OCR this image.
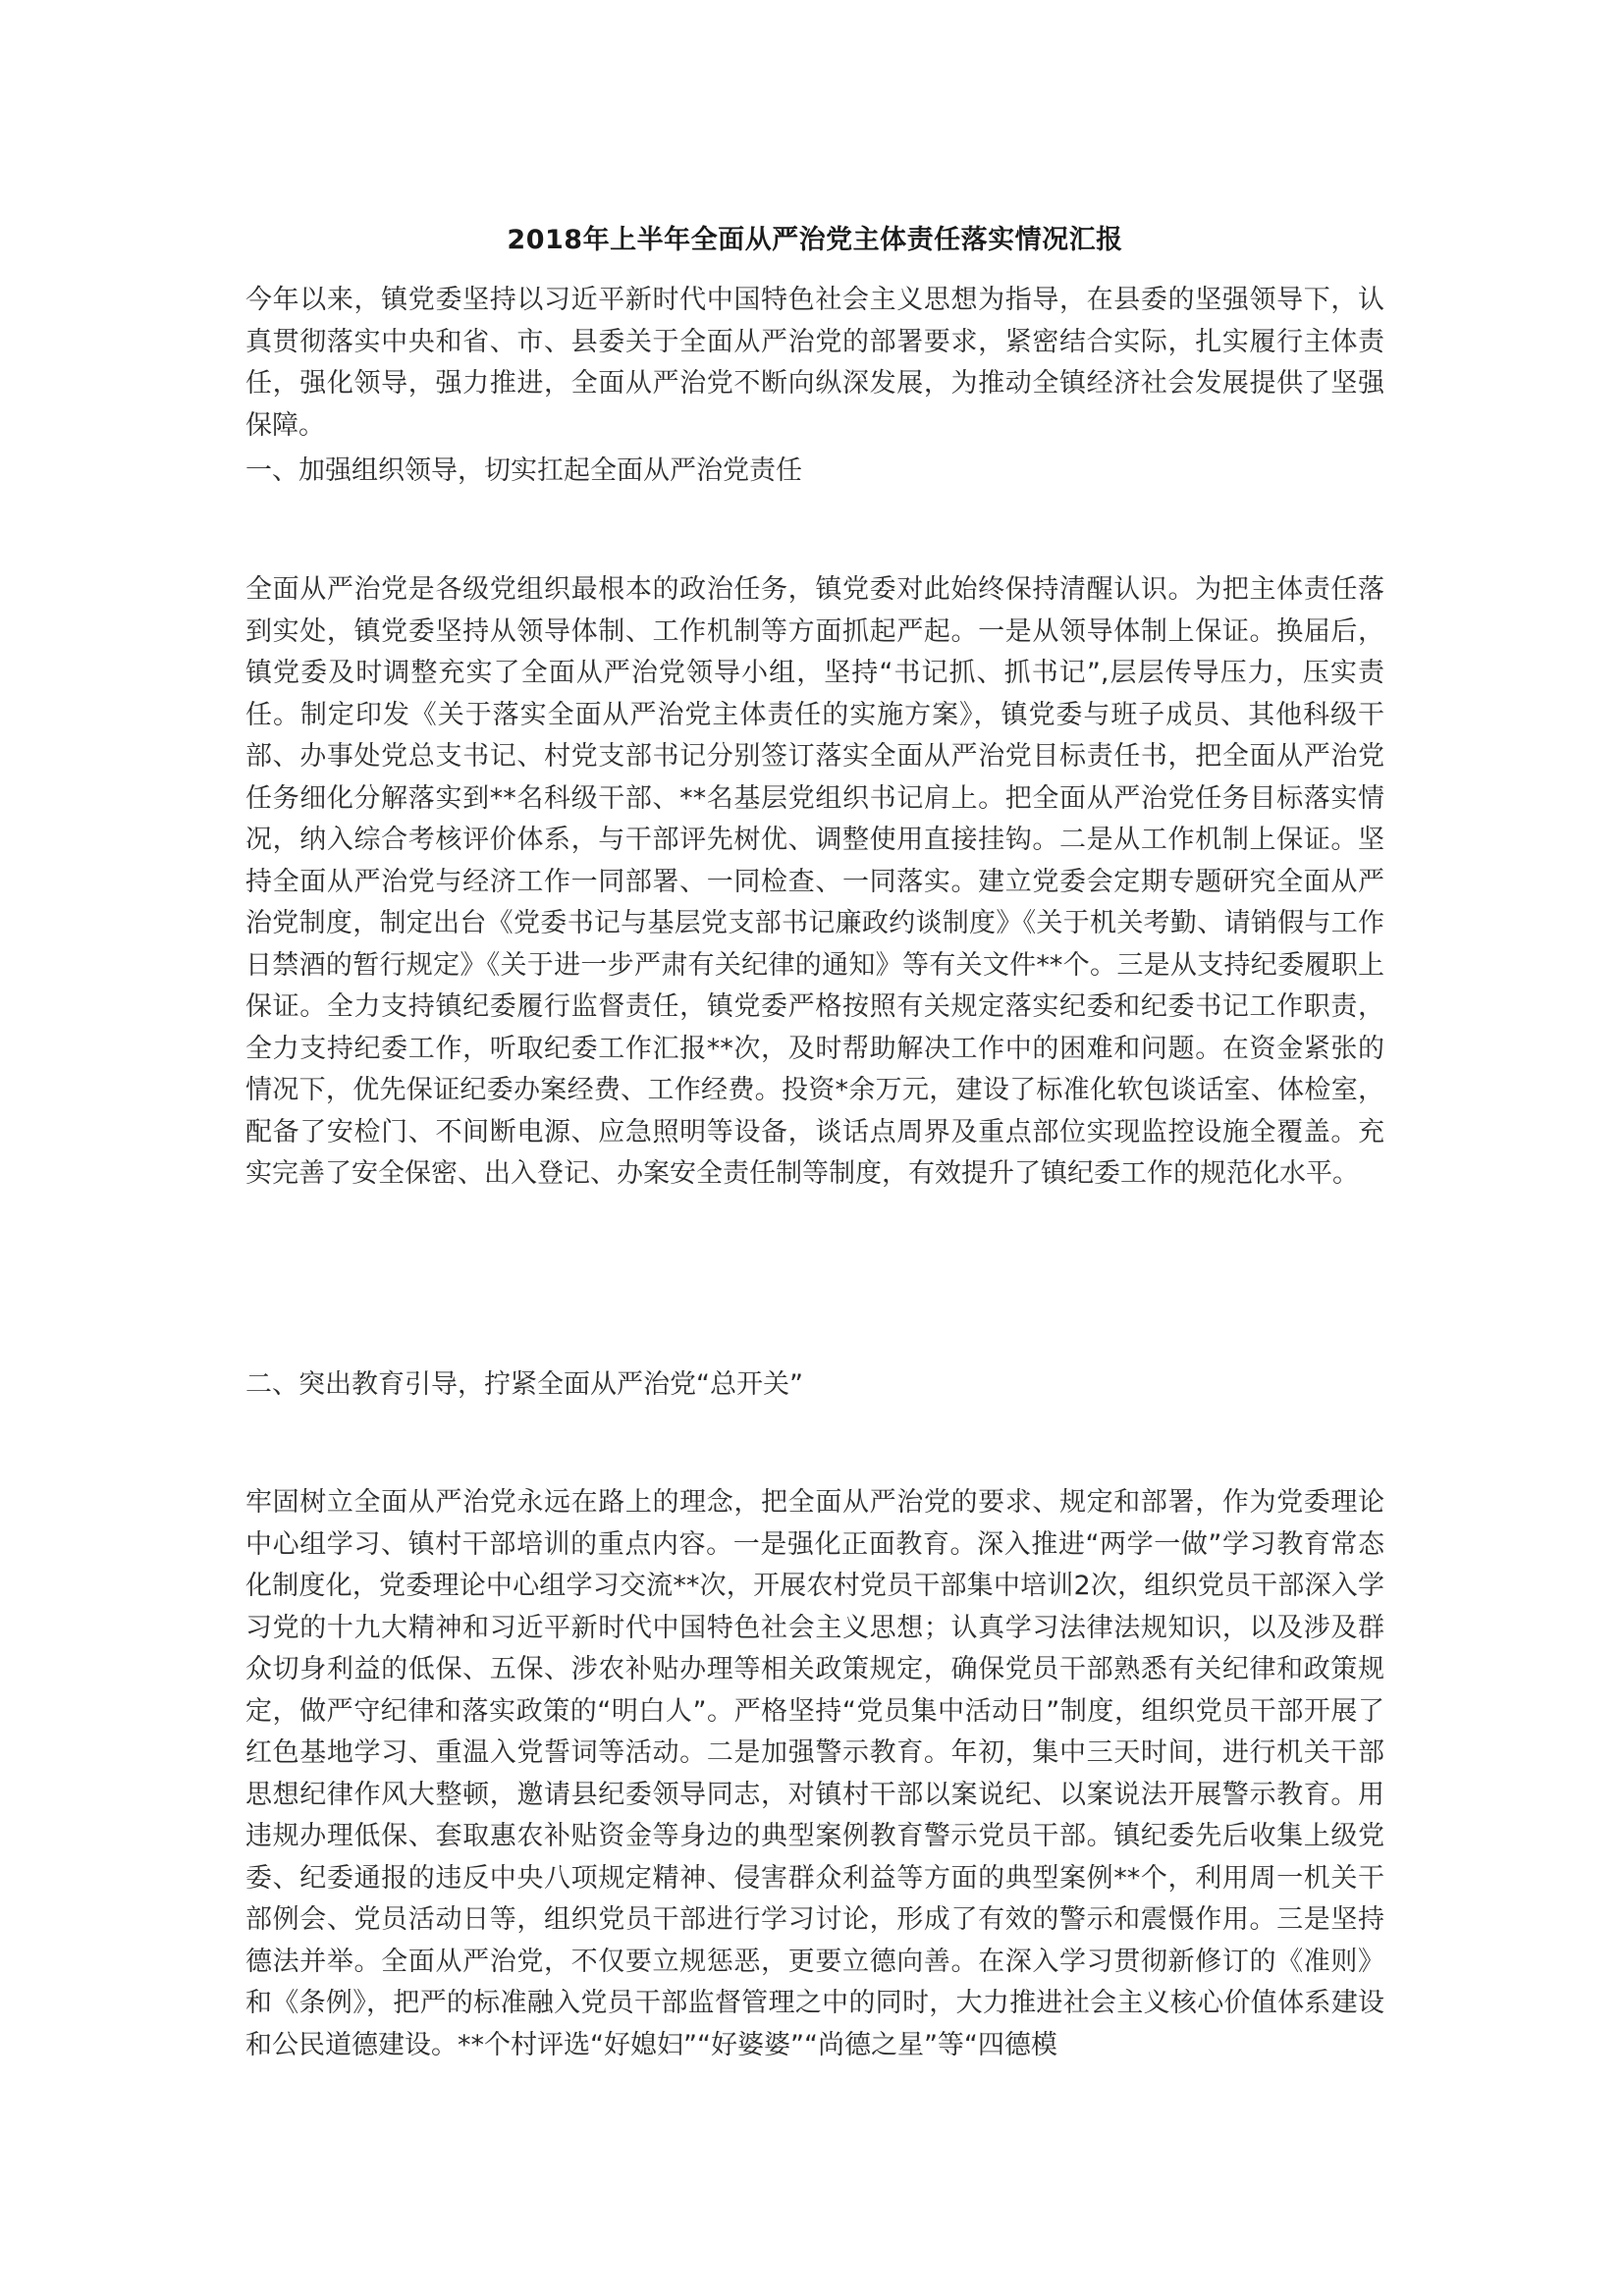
2018年上半年全面从严治党主体责任落实情况汇报
今年以来，镇党委坚持以习近平新时代中国特色社会主义思想为指导，在县委的坚强领导下，认真贯彻落实中央和省、市、县委关于全面从严治党的部署要求，紧密结合实际，扎实履行主体责任，强化领导，强力推进，全面从严治党不断向纵深发展，为推动全镇经济社会发展提供了坚强保障。
一、加强组织领导，切实扛起全面从严治党责任
全面从严治党是各级党组织最根本的政治任务，镇党委对此始终保持清醒认识。为把主体责任落到实处，镇党委坚持从领导体制、工作机制等方面抓起严起。一是从领导体制上保证。换届后，镇党委及时调整充实了全面从严治党领导小组，坚持“书记抓、抓书记”,层层传导压力，压实责任。制定印发《关于落实全面从严治党主体责任的实施方案》，镇党委与班子成员、其他科级干部、办事处党总支书记、村党支部书记分别签订落实全面从严治党目标责任书，把全面从严治党任务细化分解落实到**名科级干部、**名基层党组织书记肩上。把全面从严治党任务目标落实情况，纳入综合考核评价体系，与干部评先树优、调整使用直接挂钩。二是从工作机制上保证。坚持全面从严治党与经济工作一同部署、一同检查、一同落实。建立党委会定期专题研究全面从严治党制度，制定出台《党委书记与基层党支部书记廉政约谈制度》《关于机关考勤、请销假与工作日禁酒的暂行规定》《关于进一步严肃有关纪律的通知》等有关文件**个。三是从支持纪委履职上保证。全力支持镇纪委履行监督责任，镇党委严格按照有关规定落实纪委和纪委书记工作职责，全力支持纪委工作，听取纪委工作汇报**次，及时帮助解决工作中的困难和问题。在资金紧张的情况下，优先保证纪委办案经费、工作经费。投资*余万元，建设了标准化软包谈话室、体检室，配备了安检门、不间断电源、应急照明等设备，谈话点周界及重点部位实现监控设施全覆盖。充实完善了安全保密、出入登记、办案安全责任制等制度，有效提升了镇纪委工作的规范化水平。
二、突出教育引导，拧紧全面从严治党“总开关”
牢固树立全面从严治党永远在路上的理念，把全面从严治党的要求、规定和部署，作为党委理论中心组学习、镇村干部培训的重点内容。一是强化正面教育。深入推进“两学一做”学习教育常态化制度化，党委理论中心组学习交流**次，开展农村党员干部集中培训2次，组织党员干部深入学习党的十九大精神和习近平新时代中国特色社会主义思想；认真学习法律法规知识，以及涉及群众切身利益的低保、五保、涉农补贴办理等相关政策规定，确保党员干部熟悉有关纪律和政策规定，做严守纪律和落实政策的“明白人”。严格坚持“党员集中活动日”制度，组织党员干部开展了红色基地学习、重温入党誓词等活动。二是加强警示教育。年初，集中三天时间，进行机关干部思想纪律作风大整顿，邀请县纪委领导同志，对镇村干部以案说纪、以案说法开展警示教育。用违规办理低保、套取惠农补贴资金等身边的典型案例教育警示党员干部。镇纪委先后收集上级党委、纪委通报的违反中央八项规定精神、侵害群众利益等方面的典型案例**个，利用周一机关干部例会、党员活动日等，组织党员干部进行学习讨论，形成了有效的警示和震慑作用。三是坚持德法并举。全面从严治党，不仅要立规惩恶，更要立德向善。在深入学习贯彻新修订的《准则》和《条例》，把严的标准融入党员干部监督管理之中的同时，大力推进社会主义核心价值体系建设和公民道德建设。**个村评选“好媳妇”“好婆婆”“尚德之星”等“四德模
